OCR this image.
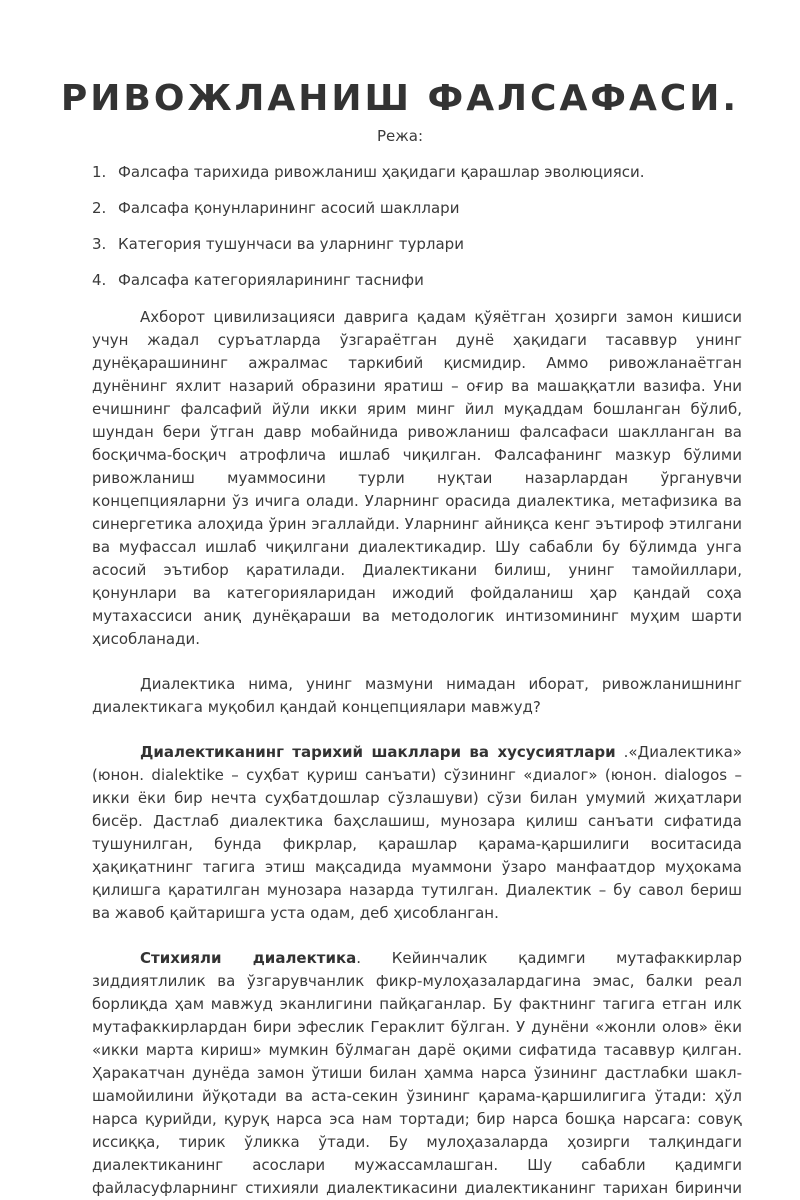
РИВОЖЛАНИШ ФАЛСАФАСИ.
Режа:
1. Фалсафа тарихида ривожланиш ҳақидаги қарашлар эволюцияси.
2. Фалсафа қонунларининг асосий шакллари
3. Категория тушунчаси ва уларнинг турлари
4. Фалсафа категорияларининг таснифи

Ахборот цивилизацияси даврига қадам қўяётган ҳозирги замон кишиси учун жадал суръатларда ўзгараётган дунё ҳақидаги тасаввур унинг дунёқарашининг ажралмас таркибий қисмидир. Аммо ривожланаётган дунёнинг яхлит назарий образини яратиш – оғир ва машаққатли вазифа. Уни ечишнинг фалсафий йўли икки ярим минг йил муқаддам бошланган бўлиб, шундан бери ўтган давр мобайнида ривожланиш фалсафаси шаклланган ва босқичма-босқич атрофлича ишлаб чиқилган. Фалсафанинг мазкур бўлими ривожланиш муаммосини турли нуқтаи назарлардан ўрганувчи концепцияларни ўз ичига олади. Уларнинг орасида диалектика, метафизика ва синергетика алоҳида ўрин эгаллайди. Уларнинг айниқса кенг эътироф этилгани ва муфассал ишлаб чиқилгани диалектикадир. Шу сабабли бу бўлимда унга асосий эътибор қаратилади. Диалектикани билиш, унинг тамойиллари, қонунлари ва категорияларидан ижодий фойдаланиш ҳар қандай соҳа мутахассиси аниқ дунёқараши ва методологик интизомининг муҳим шарти ҳисобланади.

Диалектика нима, унинг мазмуни нимадан иборат, ривожланишнинг диалектикага муқобил қандай концепциялари мавжуд?

Диалектиканинг тарихий шакллари ва хусусиятлари .«Диалектика» (юнон. dialektike – суҳбат қуриш санъати) сўзининг «диалог» (юнон. dialogos – икки ёки бир нечта суҳбатдошлар сўзлашуви) сўзи билан умумий жиҳатлари бисёр. Дастлаб диалектика баҳслашиш, мунозара қилиш санъати сифатида тушунилган, бунда фикрлар, қарашлар қарама-қаршилиги воситасида ҳақиқатнинг тагига этиш мақсадида муаммони ўзаро манфаатдор муҳокама қилишга қаратилган мунозара назарда тутилган. Диалектик – бу савол бериш ва жавоб қайтаришга уста одам, деб ҳисобланган.

Стихияли диалектика. Кейинчалик қадимги мутафаккирлар зиддиятлилик ва ўзгарувчанлик фикр-мулоҳазалардагина эмас, балки реал борлиқда ҳам мавжуд эканлигини пайқаганлар. Бу фактнинг тагига етган илк мутафаккирлардан бири эфеслик Гераклит бўлган. У дунёни «жонли олов» ёки «икки марта кириш» мумкин бўлмаган дарё оқими сифатида тасаввур қилган. Ҳаракатчан дунёда замон ўтиши билан ҳамма нарса ўзининг дастлабки шакл-шамойилини йўқотади ва аста-секин ўзининг қарама-қаршилигига ўтади: ҳўл нарса қурийди, қуруқ нарса эса нам тортади; бир нарса бошқа нарсага: совуқ иссиққа, тирик ўликка ўтади. Бу мулоҳазаларда ҳозирги талқиндаги диалектиканинг асослари мужассамлашган. Шу сабабли қадимги файласуфларнинг стихияли диалектикасини диалектиканинг тарихан биринчи
